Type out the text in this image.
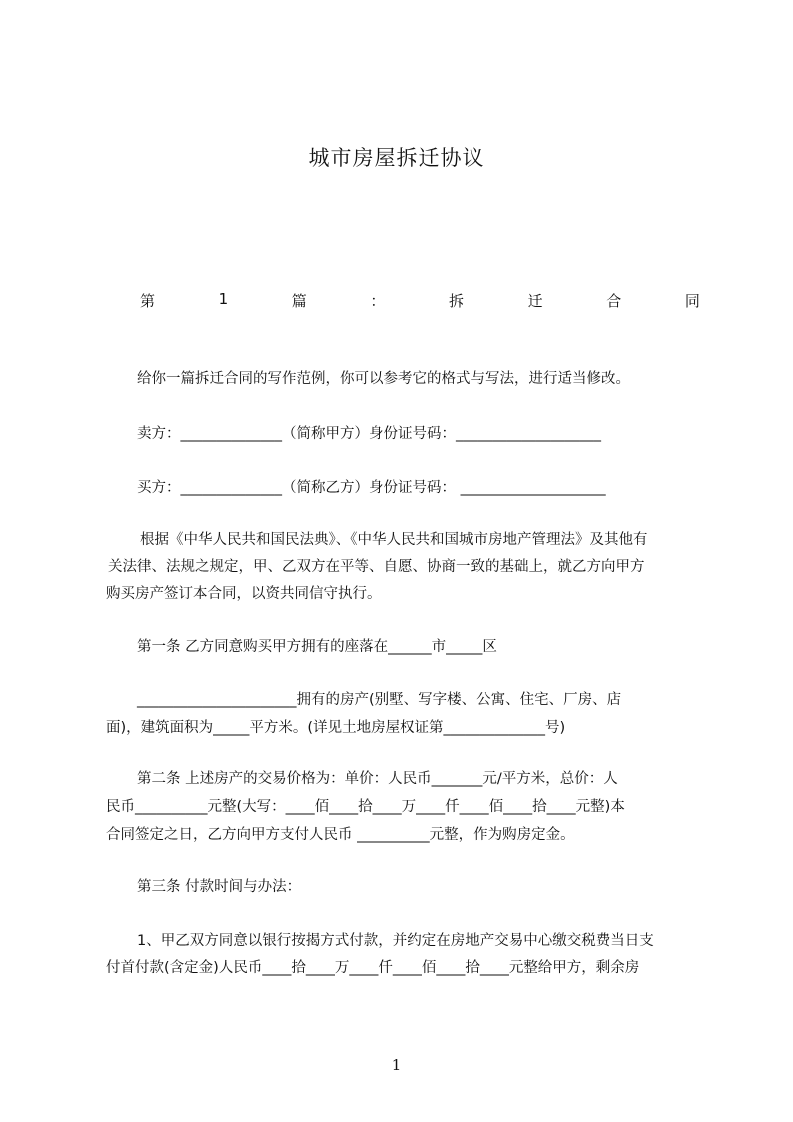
城市房屋拆迁协议
第	1	篇	：	拆	迁	合	同
给你一篇拆迁合同的写作范例，你可以参考它的格式与写法，进行适当修改。
卖方：______________（简称甲方）身份证号码：____________________
买方：______________（简称乙方）身份证号码： ____________________
根据《中华人民共和国民法典》、《中华人民共和国城市房地产管理法》及其他有
关法律、法规之规定，甲、乙双方在平等、自愿、协商一致的基础上，就乙方向甲方
购买房产签订本合同，以资共同信守执行。
第一条 乙方同意购买甲方拥有的座落在______市_____区
______________________拥有的房产(别墅、写字楼、公寓、住宅、厂房、店
面)，建筑面积为_____平方米。(详见土地房屋权证第______________号)
第二条 上述房产的交易价格为：单价：人民币_______元/平方米，总价：人
民币__________元整(大写：____佰____拾____万____仟____佰____拾____元整)本
合同签定之日，乙方向甲方支付人民币 __________元整，作为购房定金。
第三条 付款时间与办法：
1、甲乙双方同意以银行按揭方式付款，并约定在房地产交易中心缴交税费当日支
付首付款(含定金)人民币____拾____万____仟____佰____拾____元整给甲方，剩余房
1
